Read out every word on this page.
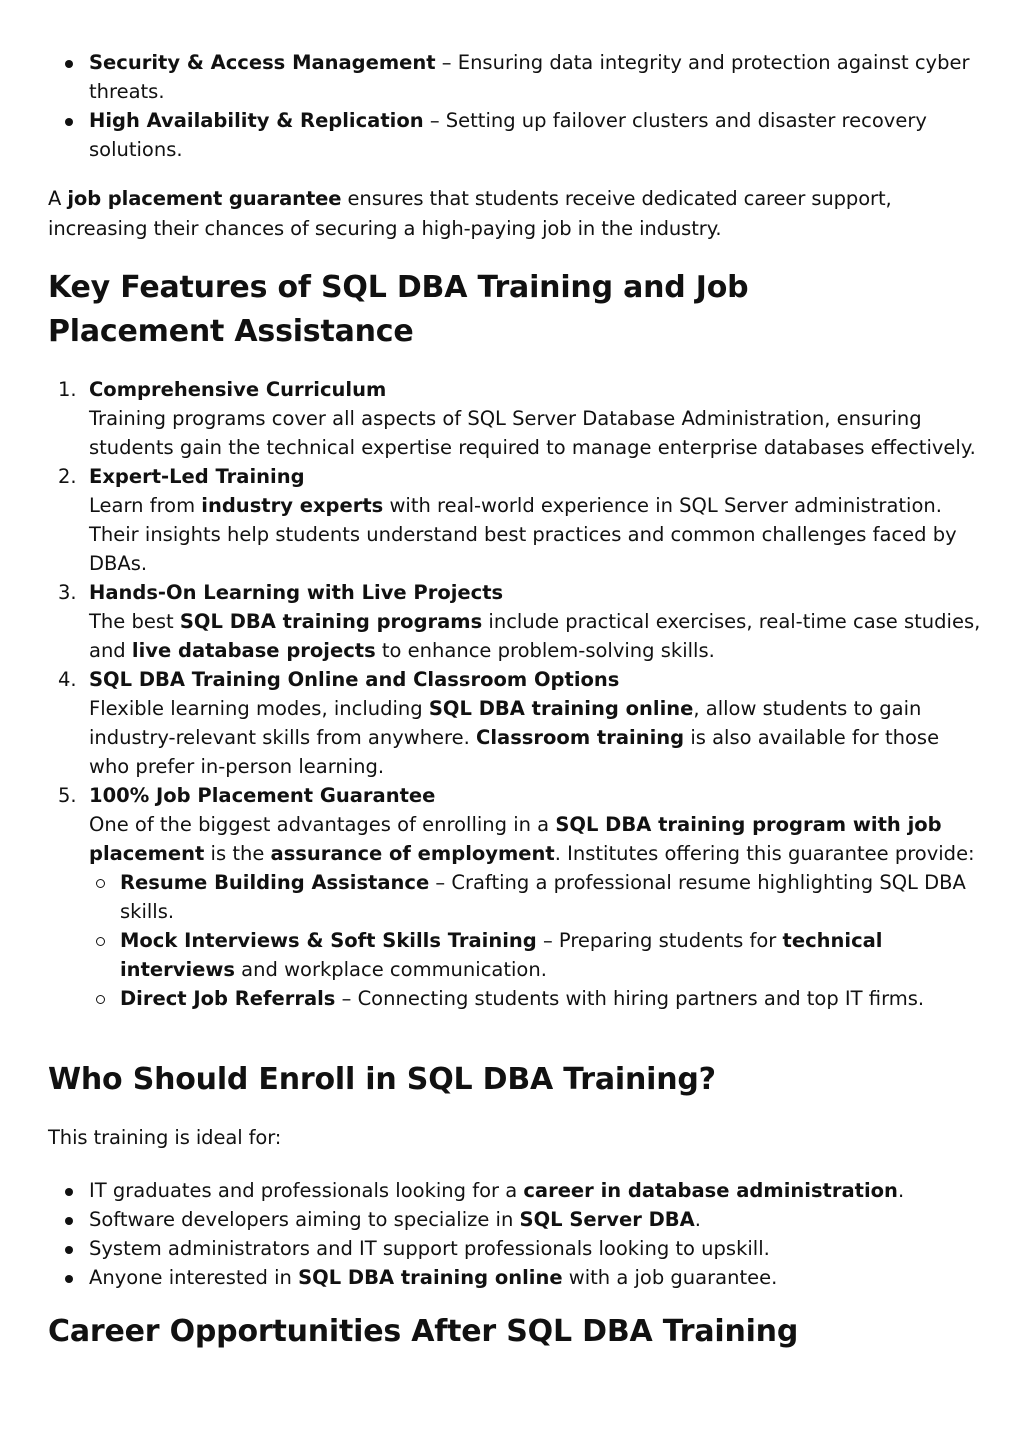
Security & Access Management – Ensuring data integrity and protection against cyber threats.
High Availability & Replication – Setting up failover clusters and disaster recovery solutions.

A job placement guarantee ensures that students receive dedicated career support, increasing their chances of securing a high-paying job in the industry.

Key Features of SQL DBA Training and Job Placement Assistance
1. Comprehensive Curriculum
Training programs cover all aspects of SQL Server Database Administration, ensuring students gain the technical expertise required to manage enterprise databases effectively.
2. Expert-Led Training
Learn from industry experts with real-world experience in SQL Server administration. Their insights help students understand best practices and common challenges faced by DBAs.
3. Hands-On Learning with Live Projects
The best SQL DBA training programs include practical exercises, real-time case studies, and live database projects to enhance problem-solving skills.
4. SQL DBA Training Online and Classroom Options
Flexible learning modes, including SQL DBA training online, allow students to gain industry-relevant skills from anywhere. Classroom training is also available for those who prefer in-person learning.
5. 100% Job Placement Guarantee
One of the biggest advantages of enrolling in a SQL DBA training program with job placement is the assurance of employment. Institutes offering this guarantee provide:
Resume Building Assistance – Crafting a professional resume highlighting SQL DBA skills.
Mock Interviews & Soft Skills Training – Preparing students for technical interviews and workplace communication.
Direct Job Referrals – Connecting students with hiring partners and top IT firms.
Who Should Enroll in SQL DBA Training?

This training is ideal for:

IT graduates and professionals looking for a career in database administration.
Software developers aiming to specialize in SQL Server DBA.
System administrators and IT support professionals looking to upskill.
Anyone interested in SQL DBA training online with a job guarantee.
Career Opportunities After SQL DBA Training
